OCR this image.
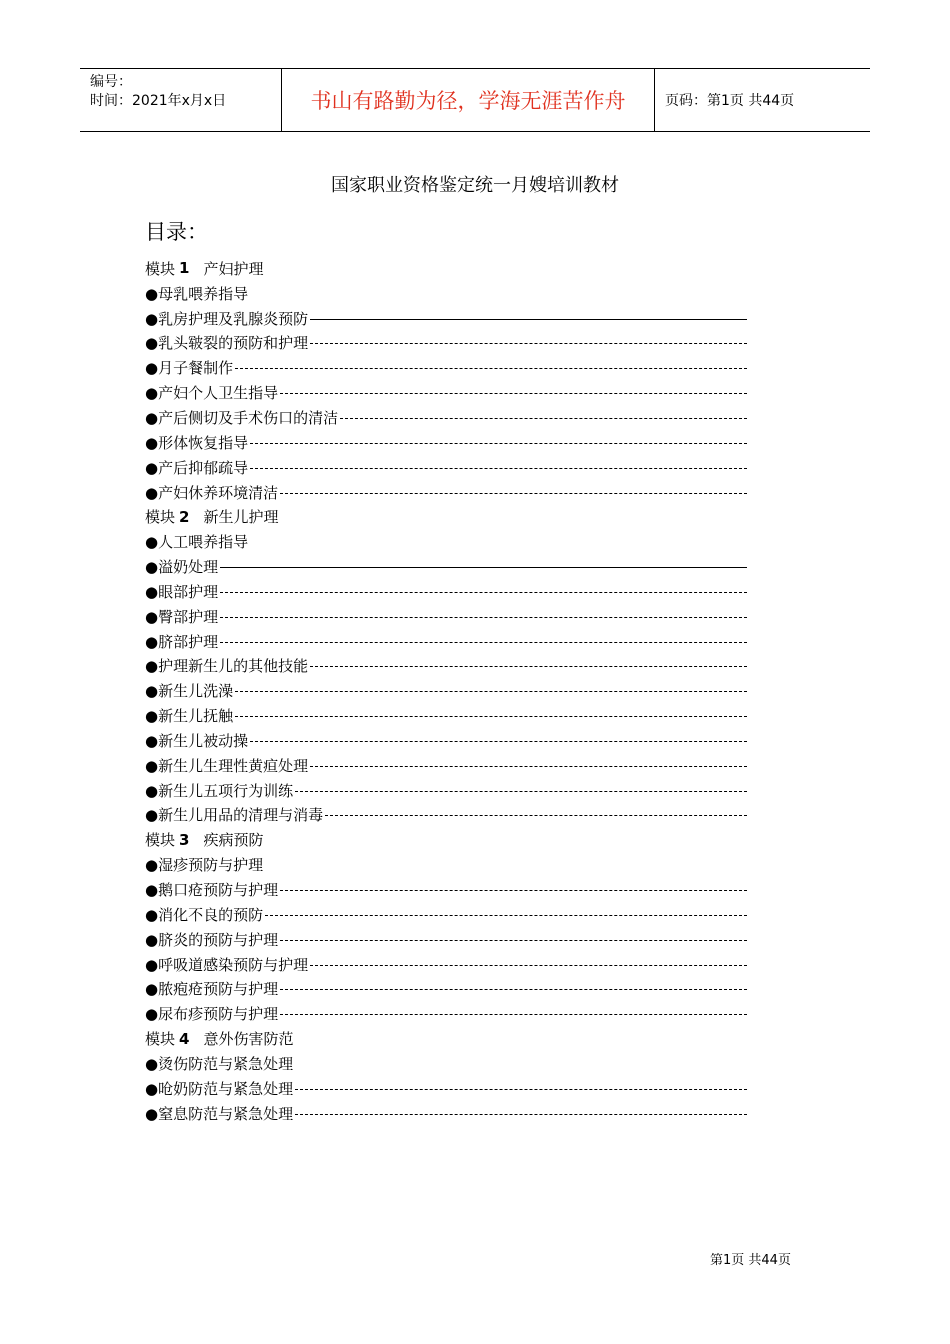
编号：
时间：2021年x月x日	书山有路勤为径，学海无涯苦作舟	页码：第1页 共44页
国家职业资格鉴定统一月嫂培训教材
目录：
模块 1 产妇护理
●母乳喂养指导
●乳房护理及乳腺炎预防
●乳头皲裂的预防和护理
●月子餐制作
●产妇个人卫生指导
●产后侧切及手术伤口的清洁
●形体恢复指导
●产后抑郁疏导
●产妇休养环境清洁
模块 2 新生儿护理
●人工喂养指导
●溢奶处理
●眼部护理
●臀部护理
●脐部护理
●护理新生儿的其他技能
●新生儿洗澡
●新生儿抚触
●新生儿被动操
●新生儿生理性黄疸处理
●新生儿五项行为训练
●新生儿用品的清理与消毒
模块 3 疾病预防
●湿疹预防与护理
●鹅口疮预防与护理
●消化不良的预防
●脐炎的预防与护理
●呼吸道感染预防与护理
●脓疱疮预防与护理
●尿布疹预防与护理
模块 4 意外伤害防范
●烫伤防范与紧急处理
●呛奶防范与紧急处理
●窒息防范与紧急处理
第1页 共44页
